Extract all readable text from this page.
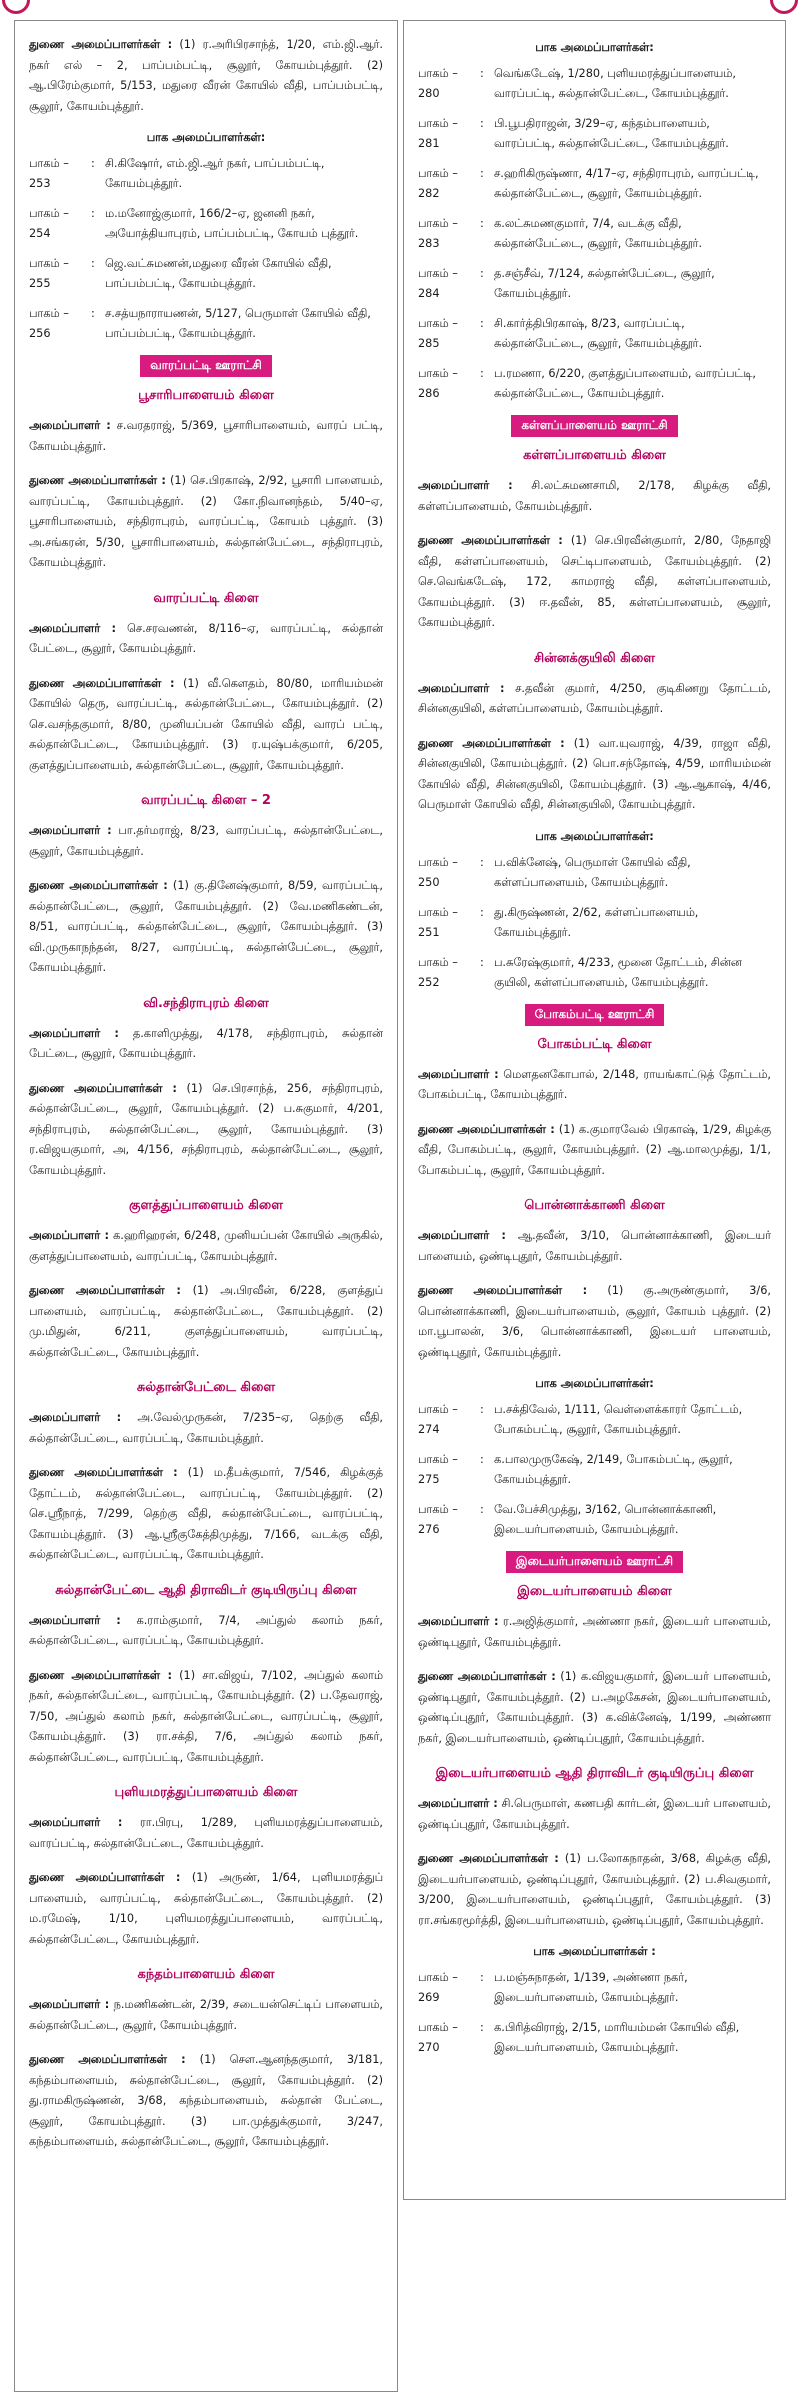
துணை அமைப்பாளர்கள் : (1) ர.அரிபிரசாந்த், 1/20, எம்.ஜி.ஆர். நகர் எல் – 2, பாப்பம்பட்டி, சூலூர், கோயம்புத்தூர். (2) ஆ.பிரேம்குமார், 5/153, மதுரை வீரன் கோயில் வீதி, பாப்பம்பட்டி, சூலூர், கோயம்புத்தூர்.

பாக அமைப்பாளர்கள்:
பாகம் – 253
: சி.கிஷோர், எம்.ஜி.ஆர் நகர், பாப்பம்பட்டி, கோயம்புத்தூர்.
பாகம் – 254
: ம.மனோஜ்குமார், 166/2–ஏ, ஜனனி நகர், அயோத்தியாபுரம், பாப்பம்பட்டி, கோயம் புத்தூர்.
பாகம் – 255
: ஜெ.வட்சுமணன்,மதுரை வீரன் கோயில் வீதி, பாப்பம்பட்டி, கோயம்புத்தூர்.
பாகம் – 256
: ச.சத்யநாராயணன், 5/127, பெருமாள் கோயில் வீதி, பாப்பம்பட்டி, கோயம்புத்தூர்.
வாரப்பட்டி ஊராட்சி
பூசாரிபாளையம் கிளை

அமைப்பாளர் : ச.வரதராஜ், 5/369, பூசாரிபாளையம், வாரப் பட்டி, கோயம்புத்தூர்.

துணை அமைப்பாளர்கள் : (1) செ.பிரகாஷ், 2/92, பூசாரி பாளையம், வாரப்பட்டி, கோயம்புத்தூர். (2) கோ.நிவானந்தம், 5/40–ஏ, பூசாரிபாளையம், சந்திராபுரம், வாரப்பட்டி, கோயம் புத்தூர். (3) அ.சங்கரன், 5/30, பூசாரிபாளையம், சுல்தான்பேட்டை, சந்திராபுரம், கோயம்புத்தூர்.

வாரப்பட்டி கிளை

அமைப்பாளர் : செ.சரவணன், 8/116–ஏ, வாரப்பட்டி, சுல்தான் பேட்டை, சூலூர், கோயம்புத்தூர்.

துணை அமைப்பாளர்கள் : (1) வீ.கௌதம், 80/80, மாரியம்மன் கோயில் தெரு, வாரப்பட்டி, சுல்தான்பேட்டை, கோயம்புத்தூர். (2) செ.வசந்தகுமார், 8/80, முனியப்பன் கோயில் வீதி, வாரப் பட்டி, சுல்தான்பேட்டை, கோயம்புத்தூர். (3) ர.யுஷ்பக்குமார், 6/205, குளத்துப்பாளையம், சுல்தான்பேட்டை, சூலூர், கோயம்புத்தூர்.

வாரப்பட்டி கிளை – 2

அமைப்பாளர் : பா.தர்மராஜ், 8/23, வாரப்பட்டி, சுல்தான்பேட்டை, சூலூர், கோயம்புத்தூர்.

துணை அமைப்பாளர்கள் : (1) கு.தினேஷ்குமார், 8/59, வாரப்பட்டி, சுல்தான்பேட்டை, சூலூர், கோயம்புத்தூர். (2) வே.மணிகண்டன், 8/51, வாரப்பட்டி, சுல்தான்பேட்டை, சூலூர், கோயம்புத்தூர். (3) வி.முருகாநந்தன், 8/27, வாரப்பட்டி, சுல்தான்பேட்டை, சூலூர், கோயம்புத்தூர்.

வி.சந்திராபுரம் கிளை

அமைப்பாளர் : த.காளிமுத்து, 4/178, சந்திராபுரம், சுல்தான் பேட்டை, சூலூர், கோயம்புத்தூர்.

துணை அமைப்பாளர்கள் : (1) செ.பிரசாந்த், 256, சந்திராபுரம், சுல்தான்பேட்டை, சூலூர், கோயம்புத்தூர். (2) ப.சுகுமார், 4/201, சந்திராபுரம், சுல்தான்பேட்டை, சூலூர், கோயம்புத்தூர். (3) ர.விஜயகுமார், அ, 4/156, சந்திராபுரம், சுல்தான்பேட்டை, சூலூர், கோயம்புத்தூர்.

குளத்துப்பாளையம் கிளை

அமைப்பாளர் : க.ஹரிஹரன், 6/248, முனியப்பன் கோயில் அருகில், குளத்துப்பாளையம், வாரப்பட்டி, கோயம்புத்தூர்.

துணை அமைப்பாளர்கள் : (1) அ.பிரவீன், 6/228, குளத்துப் பாளையம், வாரப்பட்டி, சுல்தான்பேட்டை, கோயம்புத்தூர். (2) மு.மிதுன், 6/211, குளத்துப்பாளையம், வாரப்பட்டி, சுல்தான்பேட்டை, கோயம்புத்தூர்.

சுல்தான்பேட்டை கிளை

அமைப்பாளர் : அ.வேல்முருகன், 7/235–ஏ, தெற்கு வீதி, சுல்தான்பேட்டை, வாரப்பட்டி, கோயம்புத்தூர்.

துணை அமைப்பாளர்கள் : (1) ம.தீபக்குமார், 7/546, கிழக்குத் தோட்டம், சுல்தான்பேட்டை, வாரப்பட்டி, கோயம்புத்தூர். (2) செ.ஸ்ரீநாத், 7/299, தெற்கு வீதி, சுல்தான்பேட்டை, வாரப்பட்டி, கோயம்புத்தூர். (3) ஆ.ஸ்ரீகுகேத்திமுத்து, 7/166, வடக்கு வீதி, சுல்தான்பேட்டை, வாரப்பட்டி, கோயம்புத்தூர்.

சுல்தான்பேட்டை ஆதி திராவிடர் குடியிருப்பு கிளை

அமைப்பாளர் : க.ராம்குமார், 7/4, அப்துல் கலாம் நகர், சுல்தான்பேட்டை, வாரப்பட்டி, கோயம்புத்தூர்.

துணை அமைப்பாளர்கள் : (1) சா.விஜய், 7/102, அப்துல் கலாம் நகர், சுல்தான்பேட்டை, வாரப்பட்டி, கோயம்புத்தூர். (2) ப.தேவராஜ், 7/50, அப்துல் கலாம் நகர், சுல்தான்பேட்டை, வாரப்பட்டி, சூலூர், கோயம்புத்தூர். (3) ரா.சக்தி, 7/6, அப்துல் கலாம் நகர், சுல்தான்பேட்டை, வாரப்பட்டி, கோயம்புத்தூர்.

புளியமரத்துப்பாளையம் கிளை

அமைப்பாளர் : ரா.பிரபு, 1/289, புளியமரத்துப்பாளையம், வாரப்பட்டி, சுல்தான்பேட்டை, கோயம்புத்தூர்.

துணை அமைப்பாளர்கள் : (1) அருண், 1/64, புளியமரத்துப் பாளையம், வாரப்பட்டி, சுல்தான்பேட்டை, கோயம்புத்தூர். (2) ம.ரமேஷ், 1/10, புளியமரத்துப்பாளையம், வாரப்பட்டி, சுல்தான்பேட்டை, கோயம்புத்தூர்.

கந்தம்பாளையம் கிளை

அமைப்பாளர் : ந.மணிகண்டன், 2/39, சடையன்செட்டிப் பாளையம், சுல்தான்பேட்டை, சூலூர், கோயம்புத்தூர்.

துணை அமைப்பாளர்கள் : (1) செள.ஆனந்தகுமார், 3/181, கந்தம்பாளையம், சுல்தான்பேட்டை, சூலூர், கோயம்புத்தூர். (2) து.ராமகிருஷ்ணன், 3/68, கந்தம்பாளையம், சுல்தான் பேட்டை, சூலூர், கோயம்புத்தூர். (3) பா.முத்துக்குமார், 3/247, கந்தம்பாளையம், சுல்தான்பேட்டை, சூலூர், கோயம்புத்தூர்.

பாக அமைப்பாளர்கள்:
பாகம் – 280
: வெங்கடேஷ், 1/280, புளியமரத்துப்பாளையம், வாரப்பட்டி, சுல்தான்பேட்டை, கோயம்புத்தூர்.
பாகம் – 281
: பி.பூபதிராஜன், 3/29–ஏ, கந்தம்பாளையம், வாரப்பட்டி, சுல்தான்பேட்டை, கோயம்புத்தூர்.
பாகம் – 282
: ச.ஹரிகிருஷ்ணா, 4/17–ஏ, சந்திராபுரம், வாரப்பட்டி, சுல்தான்பேட்டை, சூலூர், கோயம்புத்தூர்.
பாகம் – 283
: க.லட்சுமணகுமார், 7/4, வடக்கு வீதி, சுல்தான்பேட்டை, சூலூர், கோயம்புத்தூர்.
பாகம் – 284
: த.சஞ்சீவ், 7/124, சுல்தான்பேட்டை, சூலூர், கோயம்புத்தூர்.
பாகம் – 285
: சி.கார்த்திபிரகாஷ், 8/23, வாரப்பட்டி, சுல்தான்பேட்டை, சூலூர், கோயம்புத்தூர்.
பாகம் – 286
: ப.ரமணா, 6/220, குளத்துப்பாளையம், வாரப்பட்டி, சுல்தான்பேட்டை, கோயம்புத்தூர்.
கள்ளப்பாளையம் ஊராட்சி
கள்ளப்பாளையம் கிளை

அமைப்பாளர் : சி.லட்சுமணசாமி, 2/178, கிழக்கு வீதி, கள்ளப்பாளையம், கோயம்புத்தூர்.

துணை அமைப்பாளர்கள் : (1) செ.பிரவீன்குமார், 2/80, நேதாஜி வீதி, கள்ளப்பாளையம், செட்டிபாளையம், கோயம்புத்தூர். (2) செ.வெங்கடேஷ், 172, காமராஜ் வீதி, கள்ளப்பாளையம், கோயம்புத்தூர். (3) ஈ.தவீன், 85, கள்ளப்பாளையம், சூலூர், கோயம்புத்தூர்.

சின்னக்குயிலி கிளை

அமைப்பாளர் : ச.தவீன் குமார், 4/250, குடிகிணறு தோட்டம், சின்னகுயிலி, கள்ளப்பாளையம், கோயம்புத்தூர்.

துணை அமைப்பாளர்கள் : (1) வா.யுவராஜ், 4/39, ராஜா வீதி, சின்னகுயிலி, கோயம்புத்தூர். (2) பொ.சந்தோஷ், 4/59, மாரியம்மன் கோயில் வீதி, சின்னகுயிலி, கோயம்புத்தூர். (3) ஆ.ஆகாஷ், 4/46, பெருமாள் கோயில் வீதி, சின்னகுயிலி, கோயம்புத்தூர்.

பாக அமைப்பாளர்கள்:
பாகம் – 250
: ப.விக்னேஷ், பெருமாள் கோயில் வீதி, கள்ளப்பாளையம், கோயம்புத்தூர்.
பாகம் – 251
: து.கிருஷ்ணன், 2/62, கள்ளப்பாளையம், கோயம்புத்தூர்.
பாகம் – 252
: ப.சுரேஷ்குமார், 4/233, மூனை தோட்டம், சின்ன குயிலி, கள்ளப்பாளையம், கோயம்புத்தூர்.
போகம்பட்டி ஊராட்சி
போகம்பட்டி கிளை

அமைப்பாளர் : மௌதனகோபால், 2/148, ராயங்காட்டுத் தோட்டம், போகம்பட்டி, கோயம்புத்தூர்.

துணை அமைப்பாளர்கள் : (1) க.குமாரவேல் பிரகாஷ், 1/29, கிழக்கு வீதி, போகம்பட்டி, சூலூர், கோயம்புத்தூர். (2) ஆ.மாலமுத்து, 1/1, போகம்பட்டி, சூலூர், கோயம்புத்தூர்.

பொன்னாக்காணி கிளை

அமைப்பாளர் : ஆ.தவீன், 3/10, பொன்னாக்காணி, இடையர் பாளையம், ஒண்டிபுதூர், கோயம்புத்தூர்.

துணை அமைப்பாளர்கள் : (1) கு.அருண்குமார், 3/6, பொன்னாக்காணி, இடையர்பாளையம், சூலூர், கோயம் புத்தூர். (2) மா.பூபாலன், 3/6, பொன்னாக்காணி, இடையர் பாளையம், ஒண்டிபுதூர், கோயம்புத்தூர்.

பாக அமைப்பாளர்கள்:
பாகம் – 274
: ப.சக்திவேல், 1/111, வெள்ளைக்காரர் தோட்டம், போகம்பட்டி, சூலூர், கோயம்புத்தூர்.
பாகம் – 275
: க.பாலமுருகேஷ், 2/149, போகம்பட்டி, சூலூர், கோயம்புத்தூர்.
பாகம் – 276
: வே.பேச்சிமுத்து, 3/162, பொன்னாக்காணி, இடையர்பாளையம், கோயம்புத்தூர்.
இடையர்பாளையம் ஊராட்சி
இடையர்பாளையம் கிளை

அமைப்பாளர் : ர.அஜித்குமார், அண்ணா நகர், இடையர் பாளையம், ஒண்டிபுதூர், கோயம்புத்தூர்.

துணை அமைப்பாளர்கள் : (1) க.விஜயகுமார், இடையர் பாளையம், ஒண்டிபுதூர், கோயம்புத்தூர். (2) ப.அழகேசன், இடையர்பாளையம், ஒண்டிப்புதூர், கோயம்புத்தூர். (3) க.விக்னேஷ், 1/199, அண்ணா நகர், இடையர்பாளையம், ஒண்டிப்புதூர், கோயம்புத்தூர்.

இடையர்பாளையம் ஆதி திராவிடர் குடியிருப்பு கிளை

அமைப்பாளர் : சி.பெருமாள், கணபதி கார்டன், இடையர் பாளையம், ஒண்டிப்புதூர், கோயம்புத்தூர்.

துணை அமைப்பாளர்கள் : (1) ப.லோகநாதன், 3/68, கிழக்கு வீதி, இடையர்பாளையம், ஒண்டிப்புதூர், கோயம்புத்தூர். (2) ப.சிவகுமார், 3/200, இடையர்பாளையம், ஒண்டிப்புதூர், கோயம்புத்தூர். (3) ரா.சங்கரமூர்த்தி, இடையர்பாளையம், ஒண்டிப்புதூர், கோயம்புத்தூர்.

பாக அமைப்பாளர்கள் :
பாகம் – 269
: ப.மஞ்சுநாதன், 1/139, அண்ணா நகர், இடையர்பாளையம், கோயம்புத்தூர்.
பாகம் – 270
: க.பிரித்விராஜ், 2/15, மாரியம்மன் கோயில் வீதி, இடையர்பாளையம், கோயம்புத்தூர்.
